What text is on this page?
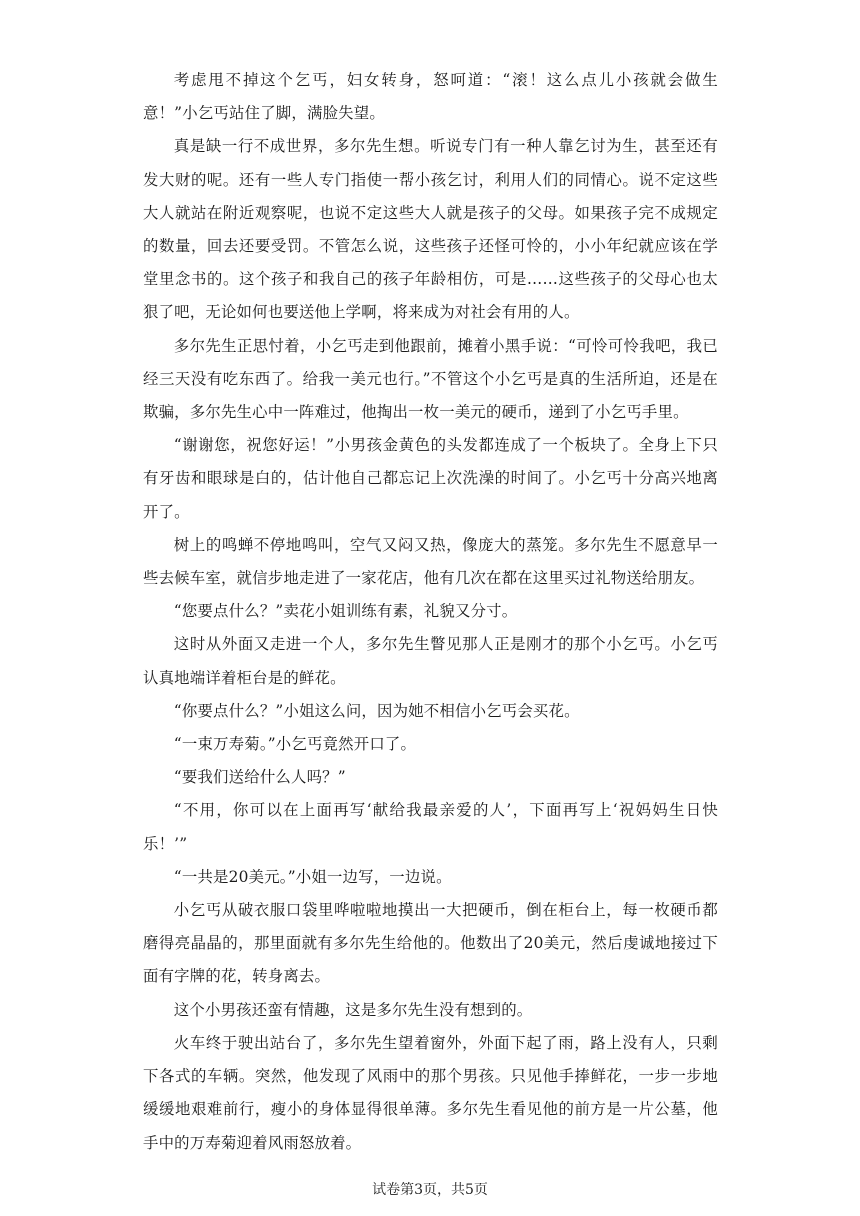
考虑甩不掉这个乞丐，妇女转身，怒呵道：“滚！这么点儿小孩就会做生意！”小乞丐站住了脚，满脸失望。

真是缺一行不成世界，多尔先生想。听说专门有一种人靠乞讨为生，甚至还有发大财的呢。还有一些人专门指使一帮小孩乞讨，利用人们的同情心。说不定这些大人就站在附近观察呢，也说不定这些大人就是孩子的父母。如果孩子完不成规定的数量，回去还要受罚。不管怎么说，这些孩子还怪可怜的，小小年纪就应该在学堂里念书的。这个孩子和我自己的孩子年龄相仿，可是……这些孩子的父母心也太狠了吧，无论如何也要送他上学啊，将来成为对社会有用的人。

多尔先生正思忖着，小乞丐走到他跟前，摊着小黑手说：“可怜可怜我吧，我已经三天没有吃东西了。给我一美元也行。”不管这个小乞丐是真的生活所迫，还是在欺骗，多尔先生心中一阵难过，他掏出一枚一美元的硬币，递到了小乞丐手里。

“谢谢您，祝您好运！”小男孩金黄色的头发都连成了一个板块了。全身上下只有牙齿和眼球是白的，估计他自己都忘记上次洗澡的时间了。小乞丐十分高兴地离开了。

树上的鸣蝉不停地鸣叫，空气又闷又热，像庞大的蒸笼。多尔先生不愿意早一些去候车室，就信步地走进了一家花店，他有几次在都在这里买过礼物送给朋友。

“您要点什么？”卖花小姐训练有素，礼貌又分寸。

这时从外面又走进一个人，多尔先生瞥见那人正是刚才的那个小乞丐。小乞丐认真地端详着柜台是的鲜花。

“你要点什么？”小姐这么问，因为她不相信小乞丐会买花。

“一束万寿菊。”小乞丐竟然开口了。

“要我们送给什么人吗？”

“不用，你可以在上面再写‘献给我最亲爱的人’，下面再写上‘祝妈妈生日快乐！’”

“一共是20美元。”小姐一边写，一边说。

小乞丐从破衣服口袋里哗啦啦地摸出一大把硬币，倒在柜台上，每一枚硬币都磨得亮晶晶的，那里面就有多尔先生给他的。他数出了20美元，然后虔诚地接过下面有字牌的花，转身离去。

这个小男孩还蛮有情趣，这是多尔先生没有想到的。

火车终于驶出站台了，多尔先生望着窗外，外面下起了雨，路上没有人，只剩下各式的车辆。突然，他发现了风雨中的那个男孩。只见他手捧鲜花，一步一步地缓缓地艰难前行，瘦小的身体显得很单薄。多尔先生看见他的前方是一片公墓，他手中的万寿菊迎着风雨怒放着。

试卷第3页，共5页
